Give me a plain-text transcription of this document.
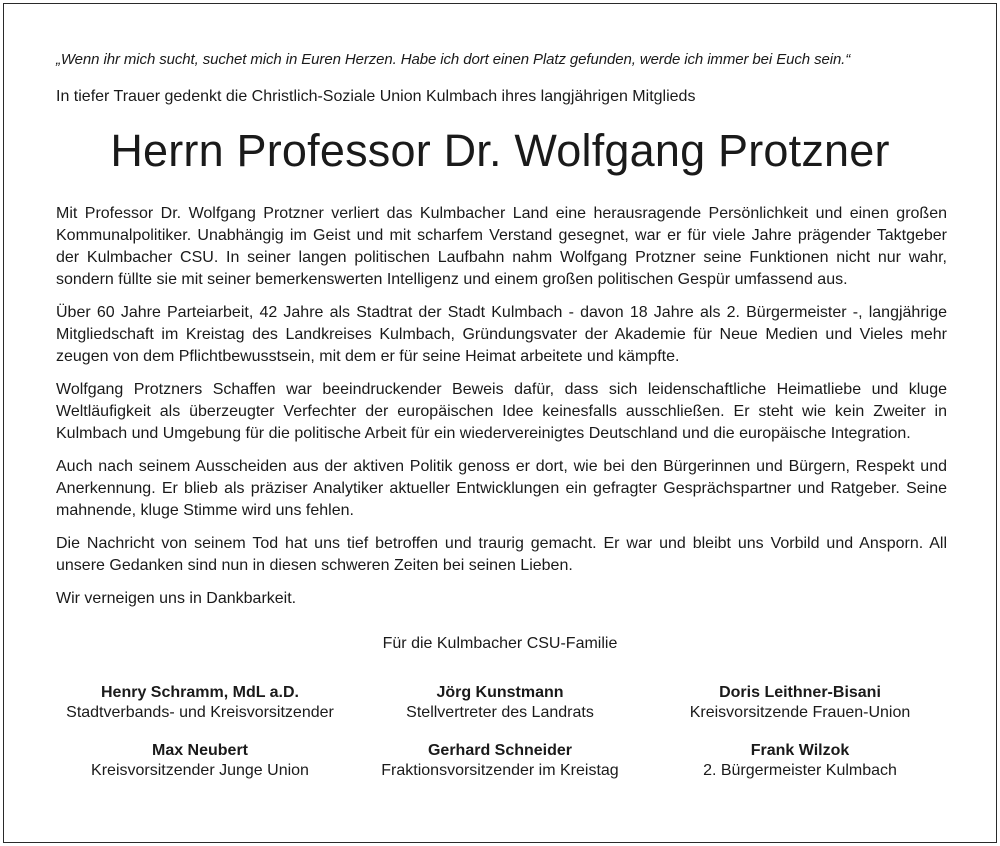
„Wenn ihr mich sucht, suchet mich in Euren Herzen. Habe ich dort einen Platz gefunden, werde ich immer bei Euch sein.“
In tiefer Trauer gedenkt die Christlich-Soziale Union Kulmbach ihres langjährigen Mitglieds
Herrn Professor Dr. Wolfgang Protzner

Mit Professor Dr. Wolfgang Protzner verliert das Kulmbacher Land eine herausragende Persönlichkeit und einen großen Kommunalpolitiker. Unabhängig im Geist und mit scharfem Verstand gesegnet, war er für viele Jahre prägender Taktgeber der Kulmbacher CSU. In seiner langen politischen Laufbahn nahm Wolfgang Protzner seine Funktionen nicht nur wahr, sondern füllte sie mit seiner bemerkenswerten Intelligenz und einem großen politischen Gespür umfassend aus.

Über 60 Jahre Parteiarbeit, 42 Jahre als Stadtrat der Stadt Kulmbach - davon 18 Jahre als 2. Bürgermeister -, langjährige Mitgliedschaft im Kreistag des Landkreises Kulmbach, Gründungsvater der Akademie für Neue Medien und Vieles mehr zeugen von dem Pflichtbewusstsein, mit dem er für seine Heimat arbeitete und kämpfte.

Wolfgang Protzners Schaffen war beeindruckender Beweis dafür, dass sich leidenschaftliche Heimatliebe und kluge Weltläufigkeit als überzeugter Verfechter der europäischen Idee keinesfalls ausschließen. Er steht wie kein Zweiter in Kulmbach und Umgebung für die politische Arbeit für ein wiedervereinigtes Deutschland und die europäische Integration.

Auch nach seinem Ausscheiden aus der aktiven Politik genoss er dort, wie bei den Bürgerinnen und Bürgern, Respekt und Anerkennung. Er blieb als präziser Analytiker aktueller Entwicklungen ein gefragter Gesprächspartner und Ratgeber. Seine mahnende, kluge Stimme wird uns fehlen.

Die Nachricht von seinem Tod hat uns tief betroffen und traurig gemacht. Er war und bleibt uns Vorbild und Ansporn. All unsere Gedanken sind nun in diesen schweren Zeiten bei seinen Lieben.

Wir verneigen uns in Dankbarkeit.

Für die Kulmbacher CSU-Familie
Henry Schramm, MdL a.D.
Stadtverbands- und Kreisvorsitzender
Jörg Kunstmann
Stellvertreter des Landrats
Doris Leithner-Bisani
Kreisvorsitzende Frauen-Union
Max Neubert
Kreisvorsitzender Junge Union
Gerhard Schneider
Fraktionsvorsitzender im Kreistag
Frank Wilzok
2. Bürgermeister Kulmbach
